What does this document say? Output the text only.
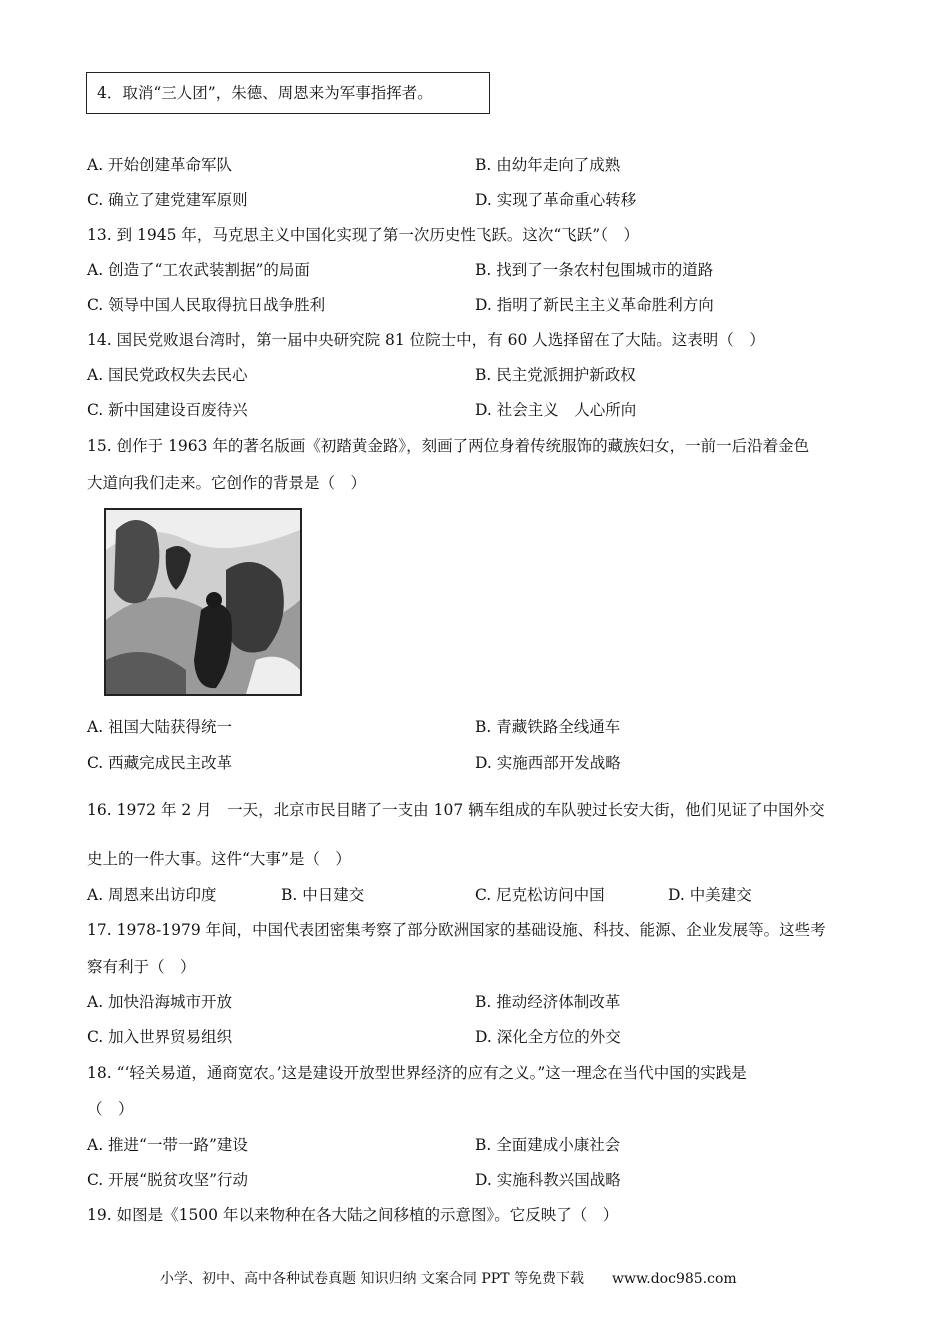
4．取消“三人团”，朱德、周恩来为军事指挥者。
A. 开始创建革命军队	B. 由幼年走向了成熟
C. 确立了建党建军原则	D. 实现了革命重心转移
13. 到 1945 年，马克思主义中国化实现了第一次历史性飞跃。这次“飞跃”（　）
A. 创造了“工农武装割据”的局面	B. 找到了一条农村包围城市的道路
C. 领导中国人民取得抗日战争胜利	D. 指明了新民主主义革命胜利方向
14. 国民党败退台湾时，第一届中央研究院 81 位院士中，有 60 人选择留在了大陆。这表明（　）
A. 国民党政权失去民心	B. 民主党派拥护新政权
C. 新中国建设百废待兴	D. 社会主义　人心所向
15. 创作于 1963 年的著名版画《初踏黄金路》，刻画了两位身着传统服饰的藏族妇女，一前一后沿着金色
大道向我们走来。它创作的背景是（　）
A. 祖国大陆获得统一	B. 青藏铁路全线通车
C. 西藏完成民主改革	D. 实施西部开发战略
16. 1972 年 2 月　一天，北京市民目睹了一支由 107 辆车组成的车队驶过长安大街，他们见证了中国外交
史上的一件大事。这件“大事”是（　）
A. 周恩来出访印度	B. 中日建交	C. 尼克松访问中国	D. 中美建交
17. 1978-1979 年间，中国代表团密集考察了部分欧洲国家的基础设施、科技、能源、企业发展等。这些考
察有利于（　）
A. 加快沿海城市开放	B. 推动经济体制改革
C. 加入世界贸易组织	D. 深化全方位的外交
18. “‘轻关易道，通商宽农。’这是建设开放型世界经济的应有之义。”这一理念在当代中国的实践是
（　）
A. 推进“一带一路”建设	B. 全面建成小康社会
C. 开展“脱贫攻坚”行动	D. 实施科教兴国战略
19. 如图是《1500 年以来物种在各大陆之间移植的示意图》。它反映了（　）
小学、初中、高中各种试卷真题 知识归纳 文案合同 PPT 等免费下载　　www.doc985.com
